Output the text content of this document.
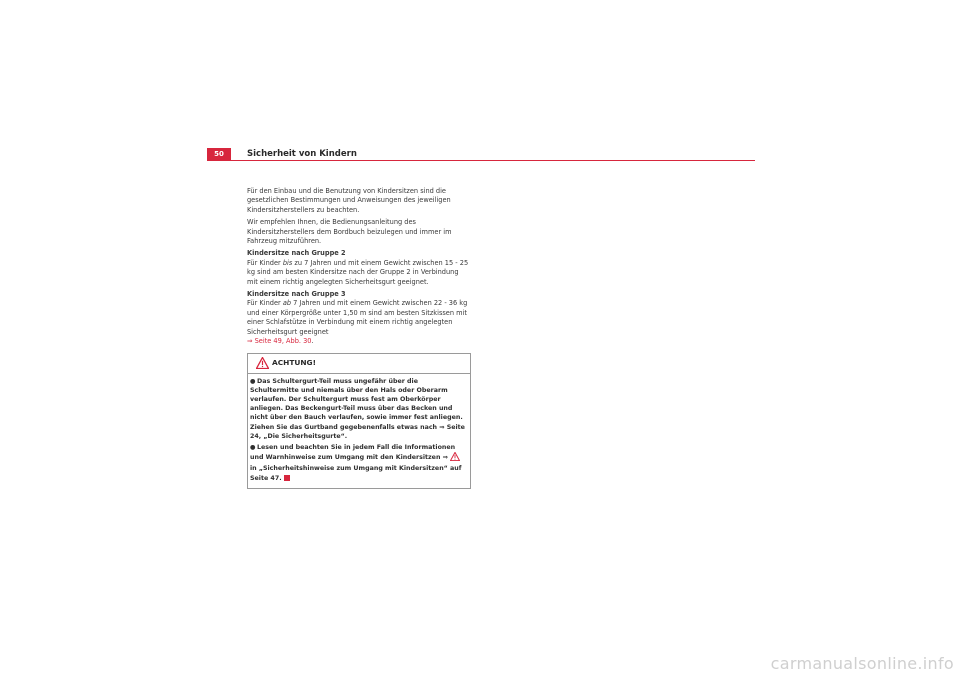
50	Sicherheit von Kindern

Für den Einbau und die Benutzung von Kindersitzen sind die gesetzlichen Bestimmungen und Anweisungen des jeweiligen Kindersitzherstellers zu beachten.

Wir empfehlen Ihnen, die Bedienungsanleitung des Kindersitzherstellers dem Bordbuch beizulegen und immer im Fahrzeug mitzuführen.

Kindersitze nach Gruppe 2

Für Kinder bis zu 7 Jahren und mit einem Gewicht zwischen 15 - 25 kg sind am besten Kindersitze nach der Gruppe 2 in Verbindung mit einem richtig angelegten Sicherheitsgurt geeignet.

Kindersitze nach Gruppe 3

Für Kinder ab 7 Jahren und mit einem Gewicht zwischen 22 - 36 kg und einer Körpergröße unter 1,50 m sind am besten Sitzkissen mit einer Schlafstütze in Verbindung mit einem richtig angelegten Sicherheitsgurt geeignet
⇒ Seite 49, Abb. 30.

ACHTUNG!
● Das Schultergurt-Teil muss ungefähr über die Schultermitte und niemals über den Hals oder Oberarm verlaufen. Der Schultergurt muss fest am Oberkörper anliegen. Das Beckengurt-Teil muss über das Becken und nicht über den Bauch verlaufen, sowie immer fest anliegen. Ziehen Sie das Gurtband gegebenenfalls etwas nach ⇒ Seite 24, „Die Sicherheitsgurte“.
● Lesen und beachten Sie in jedem Fall die Informationen und Warnhinweise zum Umgang mit den Kindersitzen ⇒  in „Sicherheitshinweise zum Umgang mit Kindersitzen“ auf Seite 47.
carmanualsonline.info
